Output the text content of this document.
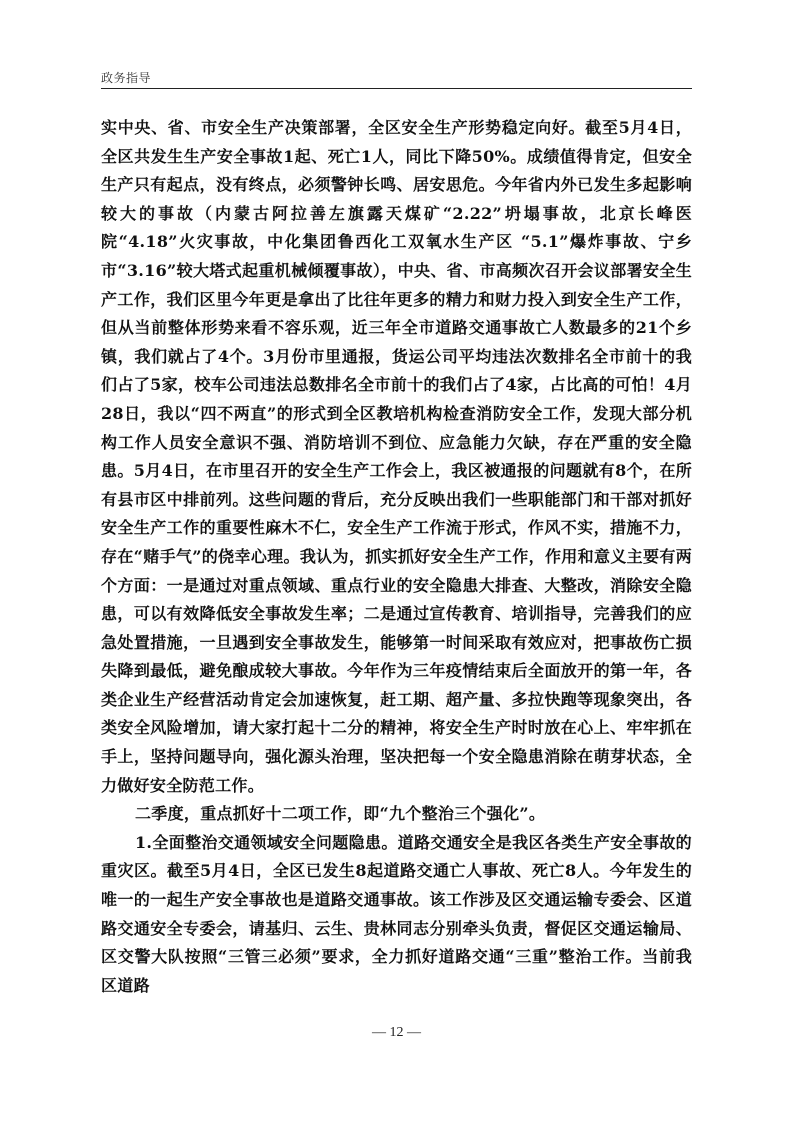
政务指导

实中央、省、市安全生产决策部署，全区安全生产形势稳定向好。截至5月4日，全区共发生生产安全事故1起、死亡1人，同比下降50%。成绩值得肯定，但安全生产只有起点，没有终点，必须警钟长鸣、居安思危。今年省内外已发生多起影响较大的事故（内蒙古阿拉善左旗露天煤矿“2.22”坍塌事故，北京长峰医院“4.18”火灾事故，中化集团鲁西化工双氧水生产区 “5.1”爆炸事故、宁乡市“3.16”较大塔式起重机械倾覆事故），中央、省、市高频次召开会议部署安全生产工作，我们区里今年更是拿出了比往年更多的精力和财力投入到安全生产工作，但从当前整体形势来看不容乐观，近三年全市道路交通事故亡人数最多的21个乡镇，我们就占了4个。3月份市里通报，货运公司平均违法次数排名全市前十的我们占了5家，校车公司违法总数排名全市前十的我们占了4家，占比高的可怕！4月28日，我以“四不两直”的形式到全区教培机构检查消防安全工作，发现大部分机构工作人员安全意识不强、消防培训不到位、应急能力欠缺，存在严重的安全隐患。5月4日，在市里召开的安全生产工作会上，我区被通报的问题就有8个，在所有县市区中排前列。这些问题的背后，充分反映出我们一些职能部门和干部对抓好安全生产工作的重要性麻木不仁，安全生产工作流于形式，作风不实，措施不力，存在“赌手气”的侥幸心理。我认为，抓实抓好安全生产工作，作用和意义主要有两个方面：一是通过对重点领域、重点行业的安全隐患大排查、大整改，消除安全隐患，可以有效降低安全事故发生率；二是通过宣传教育、培训指导，完善我们的应急处置措施，一旦遇到安全事故发生，能够第一时间采取有效应对，把事故伤亡损失降到最低，避免酿成较大事故。今年作为三年疫情结束后全面放开的第一年，各类企业生产经营活动肯定会加速恢复，赶工期、超产量、多拉快跑等现象突出，各类安全风险增加，请大家打起十二分的精神，将安全生产时时放在心上、牢牢抓在手上，坚持问题导向，强化源头治理，坚决把每一个安全隐患消除在萌芽状态，全力做好安全防范工作。

二季度，重点抓好十二项工作，即“九个整治三个强化”。

1.全面整治交通领域安全问题隐患。道路交通安全是我区各类生产安全事故的重灾区。截至5月4日，全区已发生8起道路交通亡人事故、死亡8人。今年发生的唯一的一起生产安全事故也是道路交通事故。该工作涉及区交通运输专委会、区道路交通安全专委会，请基归、云生、贵林同志分别牵头负责，督促区交通运输局、区交警大队按照“三管三必须”要求，全力抓好道路交通“三重”整治工作。当前我区道路

— 12 —
